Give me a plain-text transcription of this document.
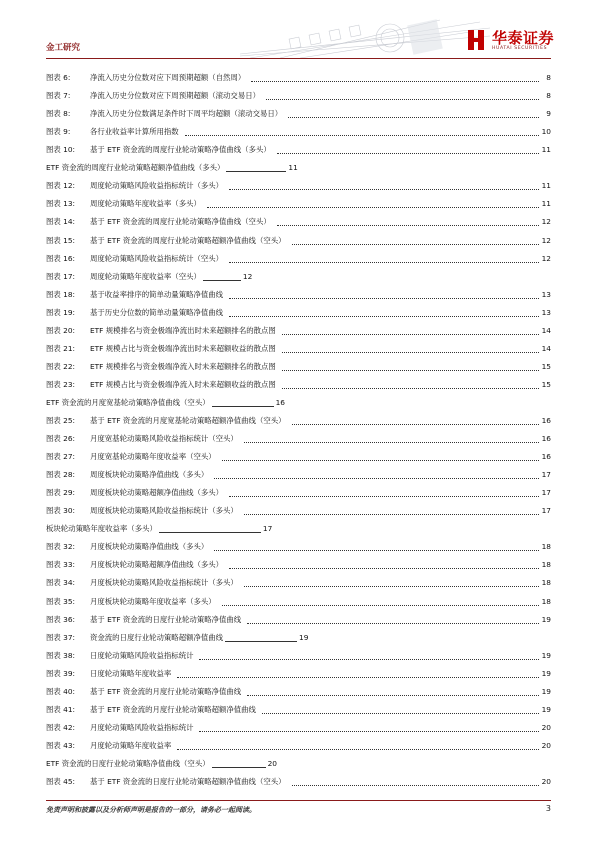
金工研究
华泰证券
HUATAI SECURITIES
图表 6:	净流入历史分位数对应下周预期超额（自然周）	8
图表 7:	净流入历史分位数对应下周预期超额（滚动交易日）	8
图表 8:	净流入历史分位数满足条件时下周平均超额（滚动交易日）	9
图表 9:	各行业收益率计算所用指数	10
图表 10: 基于 ETF 资金流的周度行业轮动策略净值曲线（多头）	11
ETF 资金流的周度行业轮动策略超额净值曲线（多头）	11
图表 12: 周度轮动策略风险收益指标统计（多头）	11
图表 13: 周度轮动策略年度收益率（多头）	11
图表 14: 基于 ETF 资金流的周度行业轮动策略净值曲线（空头）	12
图表 15: 基于 ETF 资金流的周度行业轮动策略超额净值曲线（空头）	12
图表 16: 周度轮动策略风险收益指标统计（空头）	12
图表 17: 周度轮动策略年度收益率（空头）	12
图表 18: 基于收益率排序的简单动量策略净值曲线	13
图表 19: 基于历史分位数的简单动量策略净值曲线	13
图表 20: ETF 规模排名与资金极端净流出时未来超额排名的散点图	14
图表 21: ETF 规模占比与资金极端净流出时未来超额收益的散点图	14
图表 22: ETF 规模排名与资金极端净流入时未来超额排名的散点图	15
图表 23: ETF 规模占比与资金极端净流入时未来超额收益的散点图	15
ETF 资金流的月度宽基轮动策略净值曲线（空头）	16
图表 25: 基于 ETF 资金流的月度宽基轮动策略超额净值曲线（空头）	16
图表 26: 月度宽基轮动策略风险收益指标统计（空头）	16
图表 27: 月度宽基轮动策略年度收益率（空头）	16
图表 28: 周度板块轮动策略净值曲线（多头）	17
图表 29: 周度板块轮动策略超额净值曲线（多头）	17
图表 30: 周度板块轮动策略风险收益指标统计（多头）	17
板块轮动策略年度收益率（多头）	17
图表 32: 月度板块轮动策略净值曲线（多头）	18
图表 33: 月度板块轮动策略超额净值曲线（多头）	18
图表 34: 月度板块轮动策略风险收益指标统计（多头）	18
图表 35: 月度板块轮动策略年度收益率（多头）	18
图表 36: 基于 ETF 资金流的日度行业轮动策略净值曲线	19
图表 37: 资金流的日度行业轮动策略超额净值曲线	19
图表 38: 日度轮动策略风险收益指标统计	19
图表 39: 日度轮动策略年度收益率	19
图表 40: 基于 ETF 资金流的月度行业轮动策略净值曲线	19
图表 41: 基于 ETF 资金流的月度行业轮动策略超额净值曲线	19
图表 42: 月度轮动策略风险收益指标统计	20
图表 43: 月度轮动策略年度收益率	20
ETF 资金流的日度行业轮动策略净值曲线（空头）	20
图表 45: 基于 ETF 资金流的日度行业轮动策略超额净值曲线（空头）	20
免责声明和披露以及分析师声明是报告的一部分，请务必一起阅读。	3
